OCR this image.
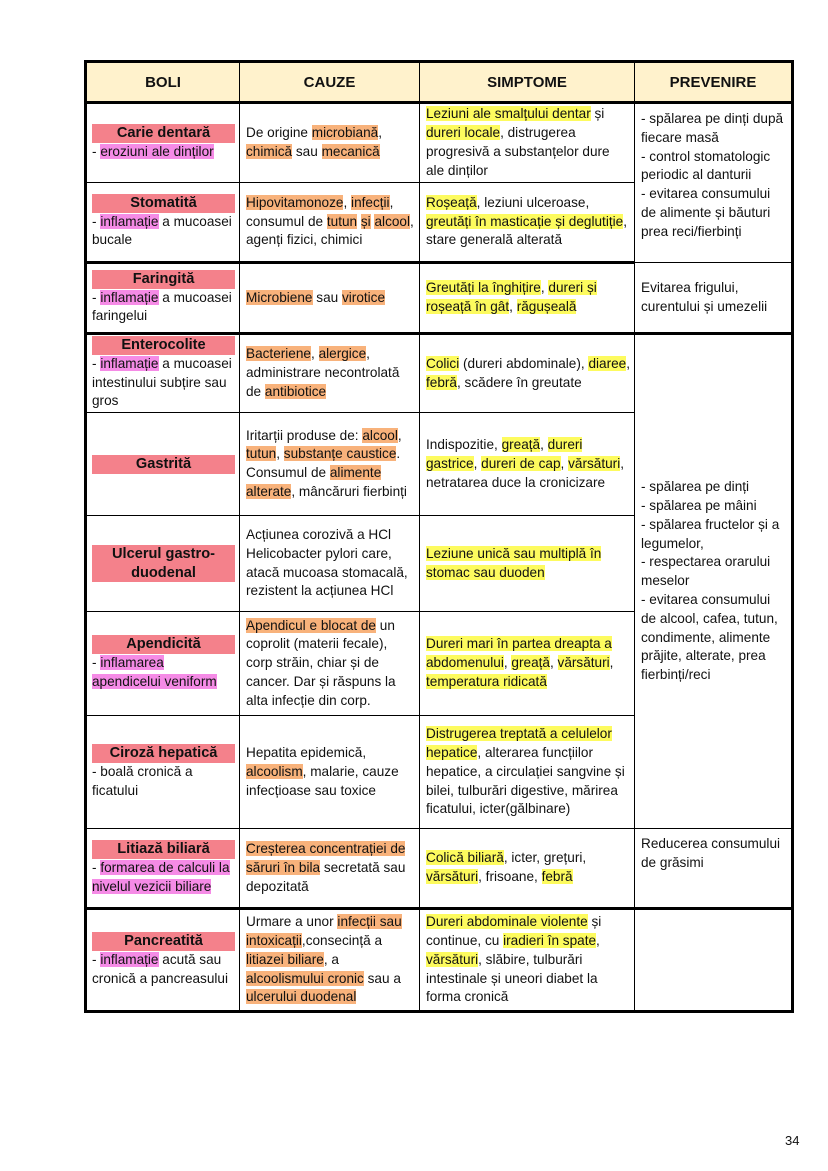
BOLI	CAUZE	SIMPTOME	PREVENIRE

Carie dentară
- eroziuni ale dinților	De origine microbiană, chimică sau mecanică	Leziuni ale smalțului dentar și dureri locale, distrugerea progresivă a substanțelor dure ale dinților	- spălarea pe dinți după fiecare masă
- control stomatologic periodic al danturii
- evitarea consumului de alimente și băuturi prea reci/fierbinți

Stomatită
- inflamație a mucoasei bucale	Hipovitamonoze, infecții, consumul de tutun și alcool, agenți fizici, chimici	Roșeață, leziuni ulceroase, greutăți în masticație și deglutiție, stare generală alterată	

Faringită
- inflamație a mucoasei faringelui	Microbiene sau virotice	Greutăți la înghițire, dureri și roșeață în gât, răgușeală	Evitarea frigului, curentului și umezelii

Enterocolite
- inflamație a mucoasei intestinului subțire sau gros	Bacteriene, alergice, administrare necontrolată de antibiotice	Colici (dureri abdominale), diaree, febră, scădere în greutate	- spălarea pe dinți
- spălarea pe mâini
- spălarea fructelor și a legumelor,
- respectarea orarului meselor
- evitarea consumului de alcool, cafea, tutun, condimente, alimente prăjite, alterate, prea fierbinți/reci

Gastrită	Iritarții produse de: alcool, tutun, substanțe caustice. Consumul de alimente alterate, mâncăruri fierbinți	Indispozitie, greață, dureri gastrice, dureri de cap, vărsături,
netratarea duce la cronicizare	

Ulcerul gastro-duodenal	Acțiunea corozivă a HCl
Helicobacter pylori care, atacă mucoasa stomacală, rezistent la acțiunea HCl	Leziune unică sau multiplă în stomac sau duoden	

Apendicită
- inflamarea apendicelui veniform	Apendicul e blocat de un coprolit (materii fecale), corp străin, chiar și de cancer. Dar și răspuns la alta infecție din corp.	Dureri mari în partea dreapta a abdomenului, greață, vărsături, temperatura ridicată	

Ciroză hepatică
- boală cronică a ficatului	Hepatita epidemică, alcoolism, malarie, cauze infecțioase sau toxice	Distrugerea treptată a celulelor hepatice, alterarea funcțiilor hepatice, a circulației sangvine și bilei, tulburări digestive, mărirea ficatului, icter(gălbinare)	

Litiază biliară
- formarea de calculi la nivelul vezicii biliare	Creșterea concentrației de săruri în bila secretată sau depozitată	Colică biliară, icter, grețuri, vărsături, frisoane, febră	Reducerea consumului de grăsimi

Pancreatită
- inflamație acută sau cronică a pancreasului	Urmare a unor infecții sau intoxicații,consecință a litiazei biliare, a alcoolismului cronic sau a ulcerului duodenal	Dureri abdominale violente și continue, cu iradieri în spate, vărsături, slăbire, tulburări intestinale și uneori diabet la forma cronică	
34
